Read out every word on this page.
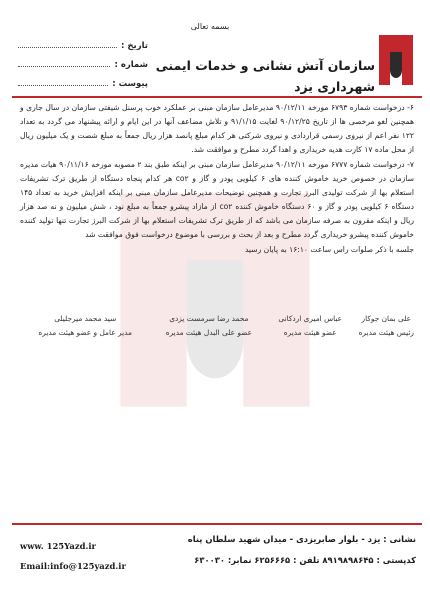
بسمه تعالی
تاریخ :
شماره :
پیوست :
سازمان آتش نشانی و خدمات ایمنی
شهرداری یزد

۶- درخواست شماره ۶۷۹۳ مورخه ۹۰/۱۲/۱۱ مدیرعامل سازمان مبنی بر عملکرد خوب پرسنل شیفتی سازمان در سال جاری و همچنین لغو مرخصی ها از تاریخ ۹۰/۱۲/۲۵ لغایت ۹۱/۱/۱۵ و تلاش مضاعف آنها در این ایام و ارائه پیشنهاد می گردد به تعداد ۱۲۲ نفر اعم از نیروی رسمی قراردادی و نیروی شرکتی هر کدام مبلغ پانصد هزار ریال جمعاً به مبلغ شصت و یک میلیون ریال از محل ماده ۱۷ کارت هدیه خریداری و اهدا گردد مطرح و موافقت شد.

۷- درخواست شماره ۶۷۷۷ مورخه ۹۰/۱۲/۱۱ مدیرعامل سازمان مبنی بر اینکه طبق بند ۲ مصوبه مورخه ۹۰/۱۱/۱۶ هیات مدیره سازمان در خصوص خرید خاموش کننده های ۶ کیلویی پودر و گاز و co۲ هر کدام پنجاه دستگاه از طریق ترک تشریفات استعلام بها از شرکت تولیدی البرز تجارت و همچنین توضیحات مدیرعامل سازمان مبنی بر اینکه افزایش خرید به تعداد ۱۴۵ دستگاه ۶ کیلویی پودر و گاز و ۶۰ دستگاه خاموش کننده co۲ از مازاد پیشرو جمعاً به مبلغ نود ، شش میلیون و نه صد هزار ریال و اینکه مقرون به صرفه سازمان می باشد که از طریق ترک تشریفات استعلام بها از شرکت البرز تجارت تنها تولید کننده خاموش کننده پیشرو خریداری گردد مطرح و بعد از بحث و بررسی با موضوع درخواست فوق موافقت شد

جلسه با ذکر صلوات راس ساعت ۱۶:۱۰ به پایان رسید

علی بمان جوکار
رئیس هیئت مدیره
عباس امیری اردکانی
عضو هیئت مدیره
محمد رضا سرمست یزدی
عضو علی البدل هیئت مدیره
سید محمد میرجلیلی
مدیر عامل و عضو هیئت مدیره
نشانی : یزد - بلوار صابریزدی - میدان شهید سلطان پناه
کدپستی : ۸۹۱۹۸۹۸۶۴۵ تلفن : ۶۲۵۶۶۶۵ نمابر: ۶۳۰۰۳۰
www. 125Yazd.ir
Email:info@125yazd.ir
